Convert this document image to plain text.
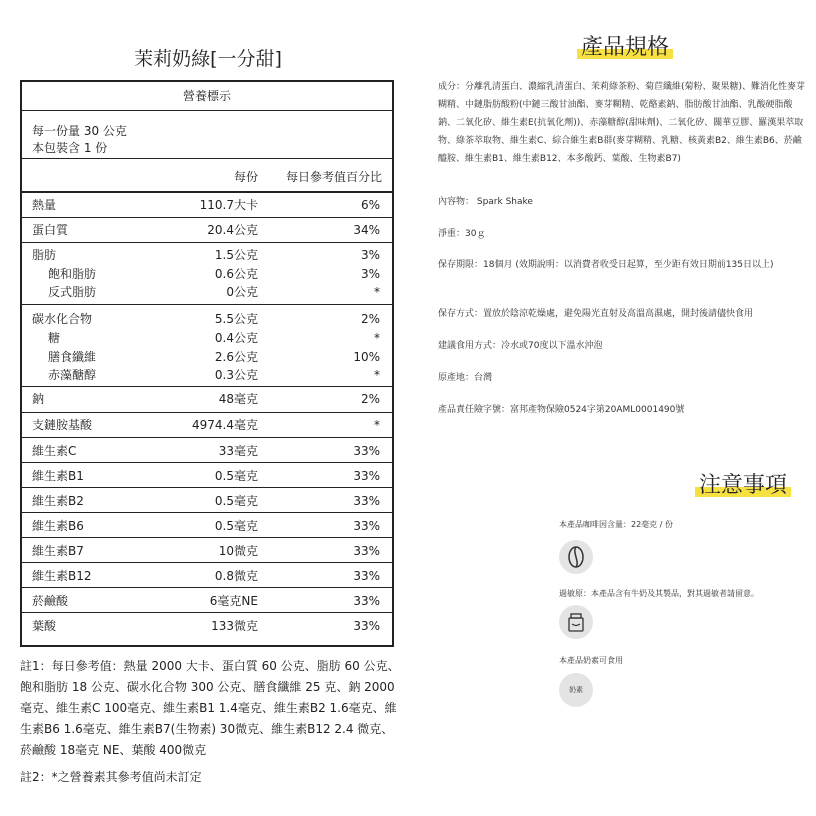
茉莉奶綠[一分甜]
營養標示
每一份量 30 公克
本包裝含 1 份
每份 每日參考值百分比
熱量	110.7大卡	6%
蛋白質	20.4公克	34%
脂肪	1.5公克	3%
飽和脂肪	0.6公克	3%
反式脂肪	0公克	*
碳水化合物	5.5公克	2%
糖	0.4公克	*
膳食纖維	2.6公克	10%
赤藻醣醇	0.3公克	*
鈉	48毫克	2%
支鏈胺基酸	4974.4毫克	*
維生素C	33毫克	33%
維生素B1	0.5毫克	33%
維生素B2	0.5毫克	33%
維生素B6	0.5毫克	33%
維生素B7	10微克	33%
維生素B12	0.8微克	33%
菸鹼酸	6毫克NE	33%
葉酸	133微克	33%
註1：每日參考值：熱量 2000 大卡、蛋白質 60 公克、脂肪 60 公克、飽和脂肪 18 公克、碳水化合物 300 公克、膳食纖維 25 克、鈉 2000 毫克、維生素C 100毫克、維生素B1 1.4毫克、維生素B2 1.6毫克、維生素B6 1.6毫克、維生素B7(生物素) 30微克、維生素B12 2.4 微克、菸鹼酸 18毫克 NE、葉酸 400微克
註2：*之營養素其參考值尚未訂定
產品規格
成分：分離乳清蛋白、濃縮乳清蛋白、茉莉綠茶粉、菊苣纖維(菊粉、聚果糖)、難消化性麥芽糊精、中鏈脂肪酸粉(中鏈三酸甘油酯、麥芽糊精、乾酪素鈉、脂肪酸甘油酯、乳酸硬脂酸鈉、二氧化矽、維生素E(抗氧化劑))、赤藻糖醇(甜味劑)、二氧化矽、關華豆膠、羅漢果萃取物、綠茶萃取物、維生素C、綜合維生素B群(麥芽糊精、乳糖、核黃素B2、維生素B6、菸鹼醯胺、維生素B1、維生素B12、本多酸鈣、葉酸、生物素B7)
內容物： Spark Shake
淨重：30ｇ
保存期限：18個月 (效期說明：以消費者收受日起算，至少距有效日期前135日以上)
保存方式：置放於陰涼乾燥處，避免陽光直射及高溫高濕處，開封後請儘快食用
建議食用方式：冷水或70度以下溫水沖泡
原產地：台灣
產品責任險字號：富邦產物保險0524字第20AML0001490號
注意事項
本產品咖啡因含量：22毫克 / 份
過敏原：本產品含有牛奶及其製品，對其過敏者請留意。
本產品奶素可食用
奶素
